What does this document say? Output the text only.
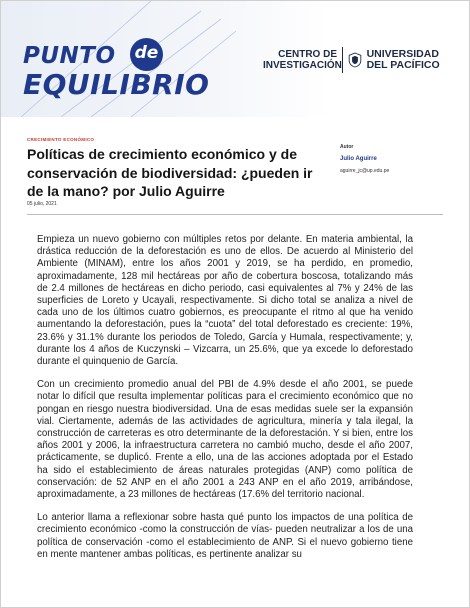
PUNTO de
EQUILIBRIO
CENTRO DE INVESTIGACIÓN
UNIVERSIDAD DEL PACÍFICO
CRECIMIENTO ECONÓMICO
Políticas de crecimiento económico y de conservación de biodiversidad: ¿pueden ir de la mano? por Julio Aguirre
05 julio, 2021
Autor
Julio Aguirre
aguirre_jc@up.edu.pe

Empieza un nuevo gobierno con múltiples retos por delante. En materia ambiental, la drástica reducción de la deforestación es uno de ellos. De acuerdo al Ministerio del Ambiente (MINAM), entre los años 2001 y 2019, se ha perdido, en promedio, aproximadamente, 128 mil hectáreas por año de cobertura boscosa, totalizando más de 2.4 millones de hectáreas en dicho periodo, casi equivalentes al 7% y 24% de las superficies de Loreto y Ucayali, respectivamente. Si dicho total se analiza a nivel de cada uno de los últimos cuatro gobiernos, es preocupante el ritmo al que ha venido aumentando la deforestación, pues la “cuota” del total deforestado es creciente: 19%, 23.6% y 31.1% durante los periodos de Toledo, García y Humala, respectivamente; y, durante los 4 años de Kuczynski – Vizcarra, un 25.6%, que ya excede lo deforestado durante el quinquenio de García.

Con un crecimiento promedio anual del PBI de 4.9% desde el año 2001, se puede notar lo difícil que resulta implementar políticas para el crecimiento económico que no pongan en riesgo nuestra biodiversidad. Una de esas medidas suele ser la expansión vial. Ciertamente, además de las actividades de agricultura, minería y tala ilegal, la construcción de carreteras es otro determinante de la deforestación. Y si bien, entre los años 2001 y 2006, la infraestructura carretera no cambió mucho, desde el año 2007, prácticamente, se duplicó. Frente a ello, una de las acciones adoptada por el Estado ha sido el establecimiento de áreas naturales protegidas (ANP) como política de conservación: de 52 ANP en el año 2001 a 243 ANP en el año 2019, arribándose, aproximadamente, a 23 millones de hectáreas (17.6% del territorio nacional.

Lo anterior llama a reflexionar sobre hasta qué punto los impactos de una política de crecimiento económico -como la construcción de vías- pueden neutralizar a los de una política de conservación -como el establecimiento de ANP. Si el nuevo gobierno tiene en mente mantener ambas políticas, es pertinente analizar su
